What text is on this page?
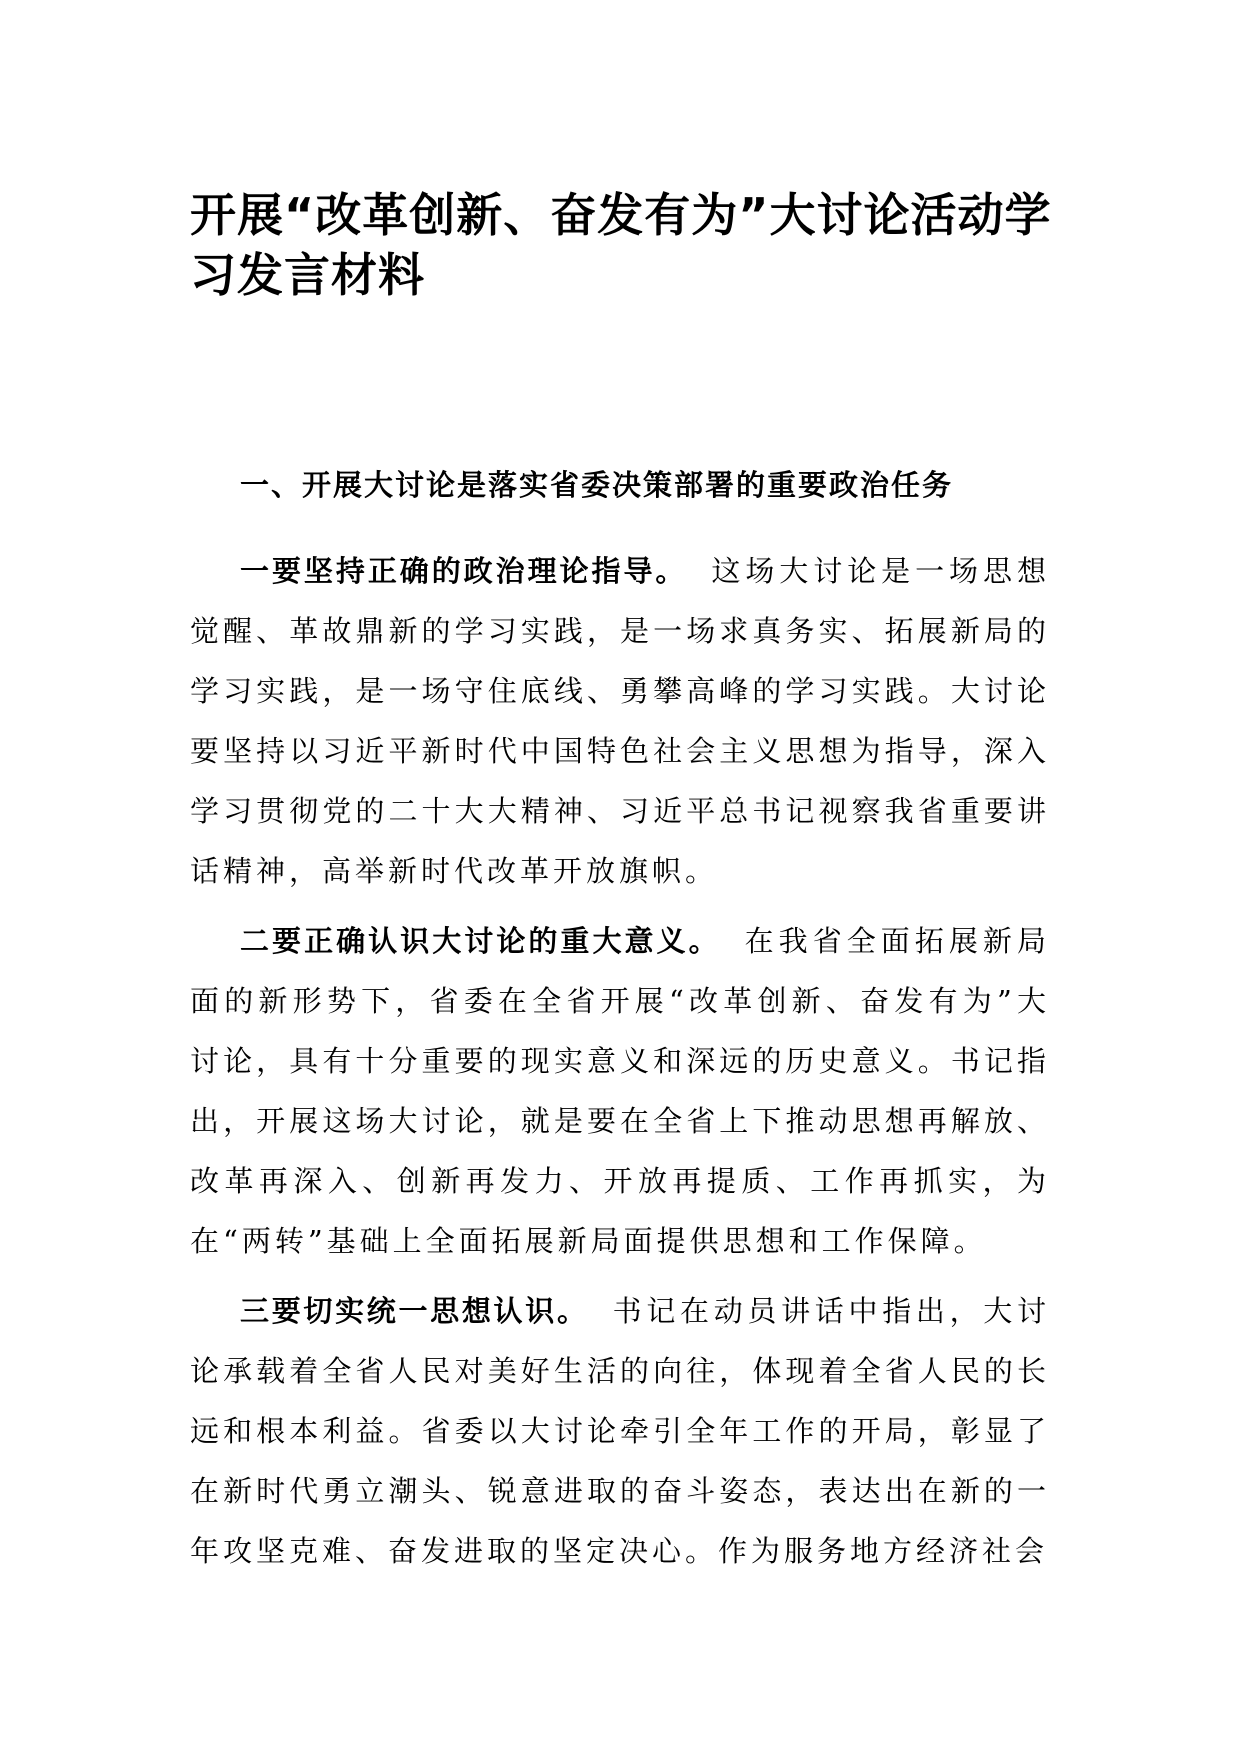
开展“改革创新、奋发有为”大讨论活动学习发言材料

一、开展大讨论是落实省委决策部署的重要政治任务

一要坚持正确的政治理论指导。 这场大讨论是一场思想觉醒、革故鼎新的学习实践，是一场求真务实、拓展新局的学习实践，是一场守住底线、勇攀高峰的学习实践。大讨论要坚持以习近平新时代中国特色社会主义思想为指导，深入学习贯彻党的二十大大精神、习近平总书记视察我省重要讲话精神，高举新时代改革开放旗帜。

二要正确认识大讨论的重大意义。 在我省全面拓展新局面的新形势下，省委在全省开展“改革创新、奋发有为”大讨论，具有十分重要的现实意义和深远的历史意义。书记指出，开展这场大讨论，就是要在全省上下推动思想再解放、改革再深入、创新再发力、开放再提质、工作再抓实，为在“两转”基础上全面拓展新局面提供思想和工作保障。

三要切实统一思想认识。 书记在动员讲话中指出，大讨论承载着全省人民对美好生活的向往，体现着全省人民的长远和根本利益。省委以大讨论牵引全年工作的开局，彰显了在新时代勇立潮头、锐意进取的奋斗姿态，表达出在新的一年攻坚克难、奋发进取的坚定决心。作为服务地方经济社会
